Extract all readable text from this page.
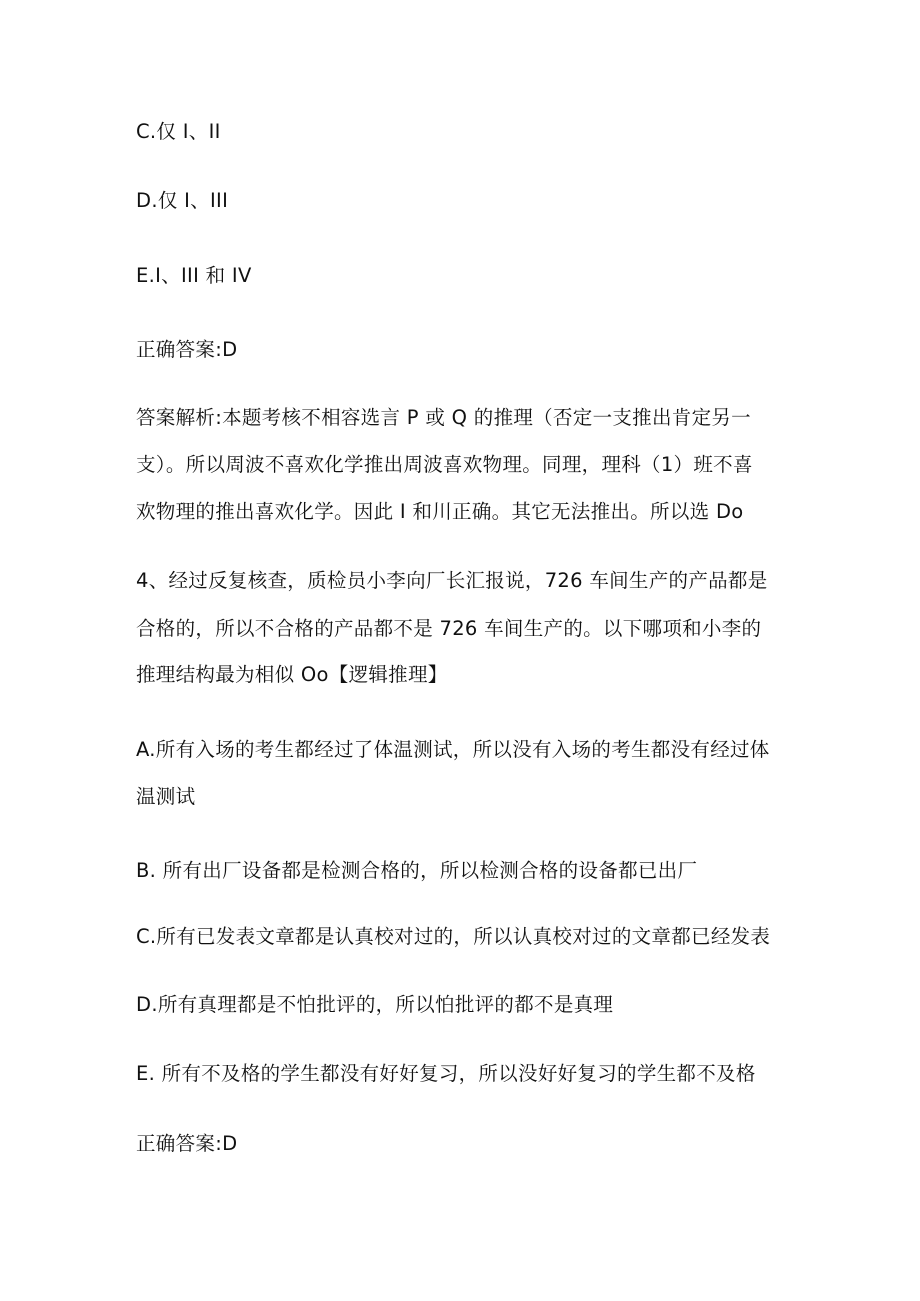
C.仅 I、II
D.仅 I、III
E.I、III 和 IV
正确答案:D
答案解析:本题考核不相容选言 P 或 Q 的推理（否定一支推出肯定另一
支）。所以周波不喜欢化学推出周波喜欢物理。同理，理科（1）班不喜
欢物理的推出喜欢化学。因此 I 和川正确。其它无法推出。所以选 Do
4、经过反复核查，质检员小李向厂长汇报说，726 车间生产的产品都是
合格的，所以不合格的产品都不是 726 车间生产的。以下哪项和小李的
推理结构最为相似 Oo【逻辑推理】
A.所有入场的考生都经过了体温测试，所以没有入场的考生都没有经过体
温测试
B. 所有出厂设备都是检测合格的，所以检测合格的设备都已出厂
C.所有已发表文章都是认真校对过的，所以认真校对过的文章都已经发表
D.所有真理都是不怕批评的，所以怕批评的都不是真理
E. 所有不及格的学生都没有好好复习，所以没好好复习的学生都不及格
正确答案:D
